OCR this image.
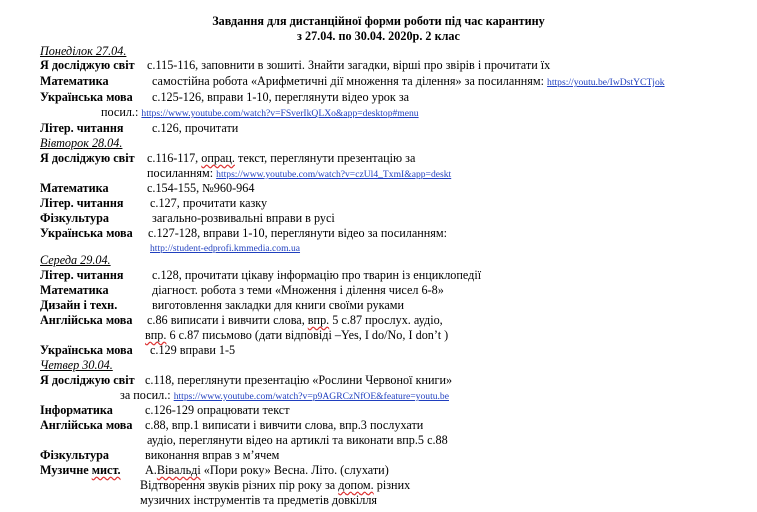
Завдання для дистанційної форми роботи під час карантину
з 27.04. по 30.04. 2020р. 2 клас
Понеділок 27.04.
Я досліджую світ с.115-116, заповнити в зошиті. Знайти загадки, вірші про звірів і прочитати їх
Математика	самостійна робота «Арифметичні дії множення та ділення» за посиланням: https://youtu.be/IwDstYCTjok
Українська мова с.125-126, вправи 1-10, переглянути відео урок за
посил.: https://www.youtube.com/watch?v=FSverIkQLXo&app=desktop#menu
Літер. читання с.126, прочитати
Вівторок 28.04.
Я досліджую світ с.116-117, опрац. текст, переглянути презентацію за
посиланням: https://www.youtube.com/watch?v=czUl4_TxmI&app=deskt
Математика	с.154-155, №960-964
Літер. читання с.127, прочитати казку
Фізкультура	загально-розвивальні вправи в русі
Українська мова с.127-128, вправи 1-10, переглянути відео за посиланням:
http://student-edprofi.kmmedia.com.ua
Середа 29.04.
Літер. читання с.128, прочитати цікаву інформацію про тварин із енциклопедії
Математика	діагност. робота з теми «Множення і ділення чисел 6-8»
Дизайн і техн.	виготовлення закладки для книги своїми руками
Англійська мова с.86 виписати і вивчити слова, впр. 5 с.87 прослух. аудіо,
впр. 6 с.87 письмово (дати відповіді –Yes, I do/No, I don’t )
Українська мова с.129 вправи 1-5
Четвер 30.04.
Я досліджую світ с.118, переглянути презентацію «Рослини Червоної книги»
за посил.: https://www.youtube.com/watch?v=p9AGRCzNfOE&feature=youtu.be
Інформатика	с.126-129 опрацювати текст
Англійська мова с.88, впр.1 виписати і вивчити слова, впр.3 послухати
аудіо, переглянути відео на артиклі та виконати впр.5 с.88
Фізкультура	виконання вправ з м’ячем
Музичне мист. А.Вівальді «Пори року» Весна. Літо. (слухати)
Відтворення звуків різних пір року за допом. різних
музичних інструментів та предметів довкілля
